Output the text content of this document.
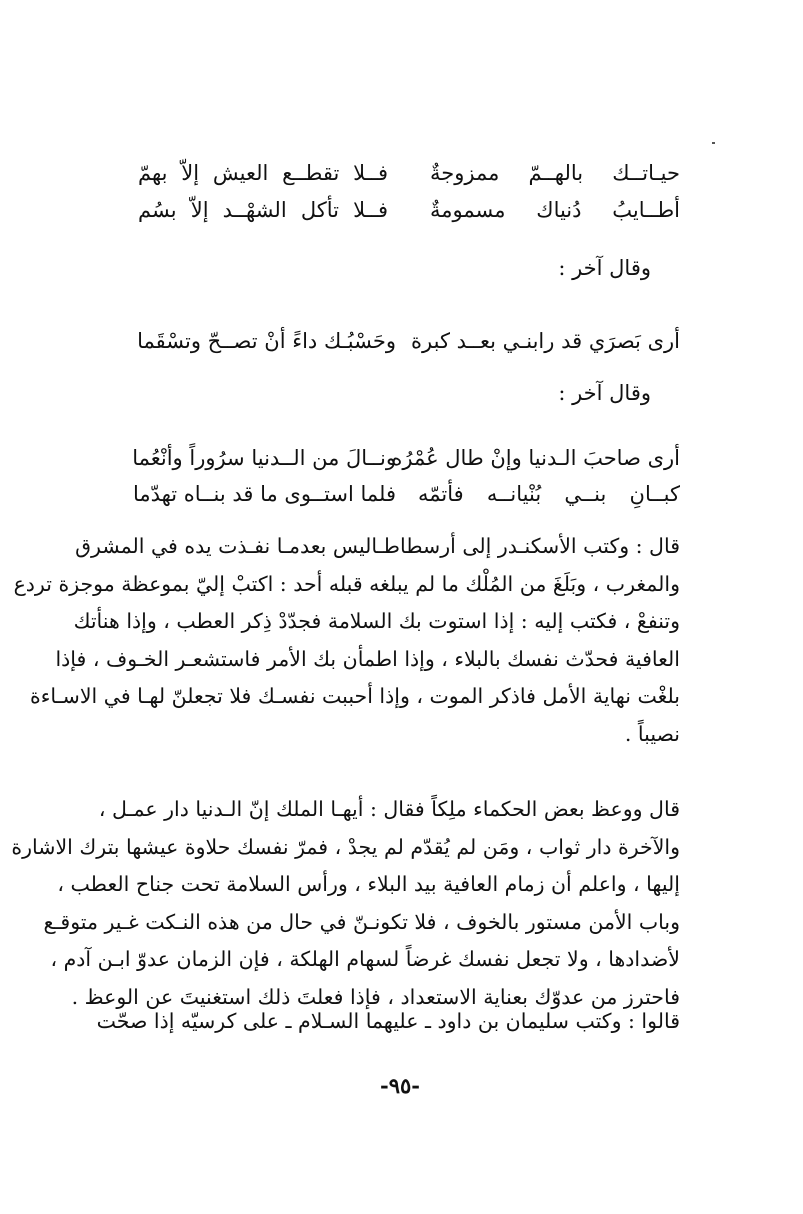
حيـاتــك بالهــمّ ممزوجةٌ
فــلا تقطــع العيش إلاّ بهمّ
أطــايبُ دُنياك مسمومةٌ
فــلا تأكل الشهْــد إلاّ بسُم
وقال آخر :
أرى بَصرَي قد رابنـي بعــد كبرة
وحَسْبُـك داءً أنْ تصــحّ وتسْقَما
وقال آخر :
أرى صاحبَ الـدنيا وإنْ طال عُمْرُه
ونــالَ من الــدنيا سرُوراً وأنْعُما
كبــانِ بنــي بُنْيانــه فأتمّه
فلما استــوى ما قد بنــاه تهدّما
قال : وكتب الأسكنـدر إلى أرسطاطـاليس بعدمـا نفـذت يده في المشرق
والمغرب ، وبَلَغَ من المُلْك ما لم يبلغه قبله أحد : اكتبْ إليّ بموعظة موجزة تردع
وتنفعْ ، فكتب إليه : إذا استوت بك السلامة فجدّدْ ذِكر العطب ، وإذا هنأتك
العافية فحدّث نفسك بالبلاء ، وإذا اطمأن بك الأمر فاستشعـر الخـوف ، فإذا
بلغْت نهاية الأمل فاذكر الموت ، وإذا أحببت نفسـك فلا تجعلنّ لهـا في الاسـاءة
نصيباً .
قال ووعظ بعض الحكماء ملِكاً فقال : أيهـا الملك إنّ الـدنيا دار عمـل ،
والآخرة دار ثواب ، ومَن لم يُقدّم لم يجدْ ، فمرّ نفسك حلاوة عيشها بترك الاشارة
إليها ، واعلم أن زمام العافية بيد البلاء ، ورأس السلامة تحت جناح العطب ،
وباب الأمن مستور بالخوف ، فلا تكونـنّ في حال من هذه النـكت غـير متوقـع
لأضدادها ، ولا تجعل نفسك غرضاً لسهام الهلكة ، فإن الزمان عدوّ ابـن آدم ،
فاحترز من عدوّك بعناية الاستعداد ، فإذا فعلتَ ذلك استغنيتَ عن الوعظ .
قالوا : وكتب سليمان بن داود ـ عليهما السـلام ـ على كرسيّه إذا صحّت
-٩٥-
